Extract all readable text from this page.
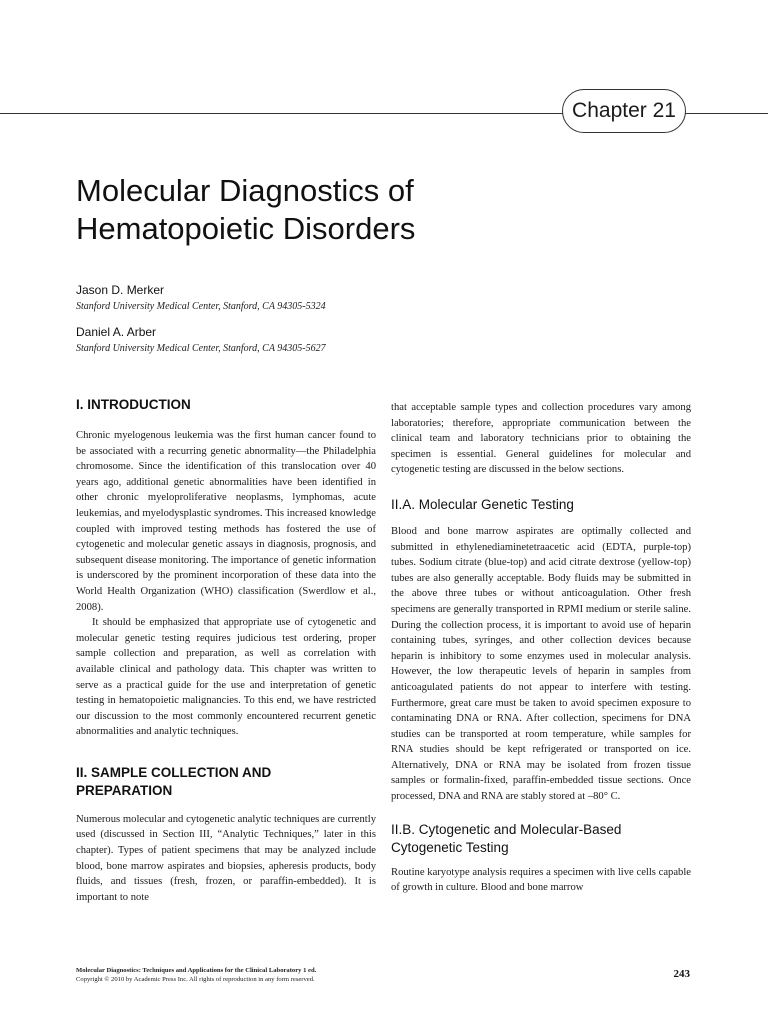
Chapter 21
Molecular Diagnostics of
Hematopoietic Disorders
Jason D. Merker
Stanford University Medical Center, Stanford, CA 94305-5324
Daniel A. Arber
Stanford University Medical Center, Stanford, CA 94305-5627
I. INTRODUCTION

Chronic myelogenous leukemia was the first human cancer found to be associated with a recurring genetic abnormality—the Philadelphia chromosome. Since the identification of this translocation over 40 years ago, additional genetic abnormalities have been identified in other chronic myeloproliferative neoplasms, lymphomas, acute leukemias, and myelodysplastic syndromes. This increased knowledge coupled with improved testing methods has fostered the use of cytogenetic and molecular genetic assays in diagnosis, prognosis, and subsequent disease monitoring. The importance of genetic information is underscored by the prominent incorporation of these data into the World Health Organization (WHO) classification (Swerdlow et al., 2008).

It should be emphasized that appropriate use of cytogenetic and molecular genetic testing requires judicious test ordering, proper sample collection and preparation, as well as correlation with available clinical and pathology data. This chapter was written to serve as a practical guide for the use and interpretation of genetic testing in hematopoietic malignancies. To this end, we have restricted our discussion to the most commonly encountered recurrent genetic abnormalities and analytic techniques.

II. SAMPLE COLLECTION AND
PREPARATION

Numerous molecular and cytogenetic analytic techniques are currently used (discussed in Section III, “Analytic Techniques,” later in this chapter). Types of patient specimens that may be analyzed include blood, bone marrow aspirates and biopsies, apheresis products, body fluids, and tissues (fresh, frozen, or paraffin-embedded). It is important to note

that acceptable sample types and collection procedures vary among laboratories; therefore, appropriate communication between the clinical team and laboratory technicians prior to obtaining the specimen is essential. General guidelines for molecular and cytogenetic testing are discussed in the below sections.

II.A. Molecular Genetic Testing

Blood and bone marrow aspirates are optimally collected and submitted in ethylenediaminetetraacetic acid (EDTA, purple-top) tubes. Sodium citrate (blue-top) and acid citrate dextrose (yellow-top) tubes are also generally acceptable. Body fluids may be submitted in the above three tubes or without anticoagulation. Other fresh specimens are generally transported in RPMI medium or sterile saline. During the collection process, it is important to avoid use of heparin containing tubes, syringes, and other collection devices because heparin is inhibitory to some enzymes used in molecular analysis. However, the low therapeutic levels of heparin in samples from anticoagulated patients do not appear to interfere with testing. Furthermore, great care must be taken to avoid specimen exposure to contaminating DNA or RNA. After collection, specimens for DNA studies can be transported at room temperature, while samples for RNA studies should be kept refrigerated or transported on ice. Alternatively, DNA or RNA may be isolated from frozen tissue samples or formalin-fixed, paraffin-embedded tissue sections. Once processed, DNA and RNA are stably stored at –80° C.

II.B. Cytogenetic and Molecular-Based
Cytogenetic Testing

Routine karyotype analysis requires a specimen with live cells capable of growth in culture. Blood and bone marrow

Molecular Diagnostics: Techniques and Applications for the Clinical Laboratory 1 ed.
Copyright © 2010 by Academic Press Inc. All rights of reproduction in any form reserved.	243
